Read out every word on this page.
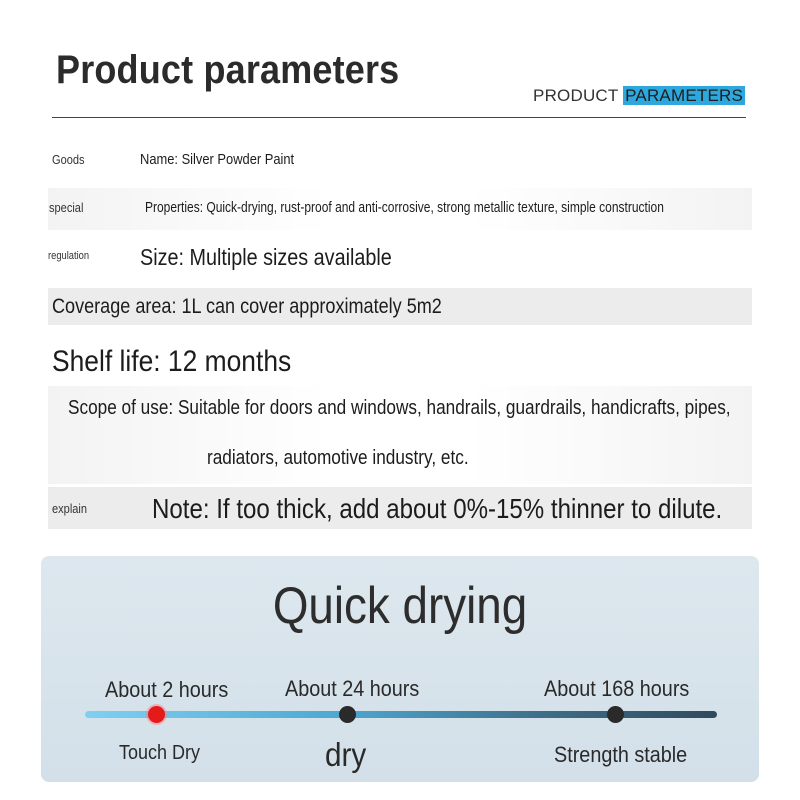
Product parameters
PRODUCT PARAMETERS
Goods	Name: Silver Powder Paint
special	Properties: Quick-drying, rust-proof and anti-corrosive, strong metallic texture, simple construction
regulation Size: Multiple sizes available
Coverage area: 1L can cover approximately 5m2
Shelf life: 12 months
Scope of use: Suitable for doors and windows, handrails, guardrails, handicrafts, pipes,
radiators, automotive industry, etc.
explain Note: If too thick, add about 0%-15% thinner to dilute.
Quick drying
About 2 hours	About 24 hours	About 168 hours
Touch Dry	dry	Strength stable
